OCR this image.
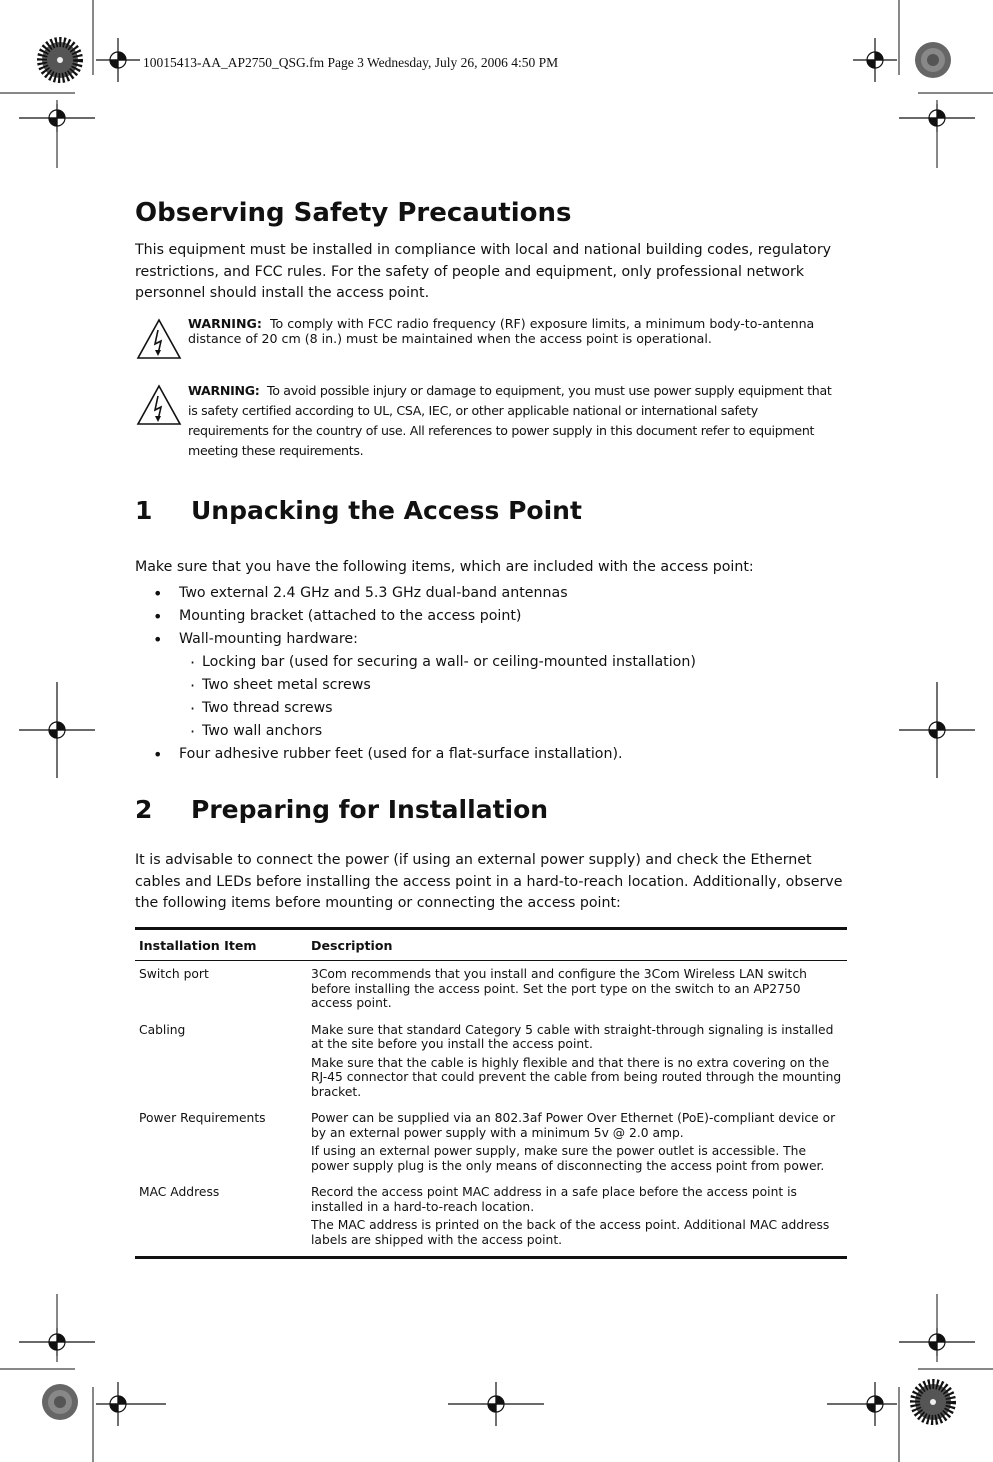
10015413-AA_AP2750_QSG.fm Page 3 Wednesday, July 26, 2006 4:50 PM
Observing Safety Precautions

This equipment must be installed in compliance with local and national building codes, regulatory restrictions, and FCC rules. For the safety of people and equipment, only professional network personnel should install the access point.

WARNING: To comply with FCC radio frequency (RF) exposure limits, a minimum body-to-antenna distance of 20 cm (8 in.) must be maintained when the access point is operational.

WARNING: To avoid possible injury or damage to equipment, you must use power supply equipment that is safety certified according to UL, CSA, IEC, or other applicable national or international safety requirements for the country of use. All references to power supply in this document refer to equipment meeting these requirements.

1 Unpacking the Access Point

Make sure that you have the following items, which are included with the access point:

• Two external 2.4 GHz and 5.3 GHz dual-band antennas
• Mounting bracket (attached to the access point)
• Wall-mounting hardware:
· Locking bar (used for securing a wall- or ceiling-mounted installation)
· Two sheet metal screws
· Two thread screws
· Two wall anchors
• Four adhesive rubber feet (used for a flat-surface installation).
2 Preparing for Installation

It is advisable to connect the power (if using an external power supply) and check the Ethernet cables and LEDs before installing the access point in a hard-to-reach location. Additionally, observe the following items before mounting or connecting the access point:

Installation Item	Description
Switch port	3Com recommends that you install and configure the 3Com Wireless LAN switch before installing the access point. Set the port type on the switch to an AP2750 access point.

Cabling	Make sure that standard Category 5 cable with straight-through signaling is installed at the site before you install the access point.

Make sure that the cable is highly flexible and that there is no extra covering on the RJ-45 connector that could prevent the cable from being routed through the mounting bracket.

Power Requirements	Power can be supplied via an 802.3af Power Over Ethernet (PoE)-compliant device or by an external power supply with a minimum 5v @ 2.0 amp.

If using an external power supply, make sure the power outlet is accessible. The power supply plug is the only means of disconnecting the access point from power.

MAC Address	Record the access point MAC address in a safe place before the access point is installed in a hard-to-reach location.

The MAC address is printed on the back of the access point. Additional MAC address labels are shipped with the access point.
